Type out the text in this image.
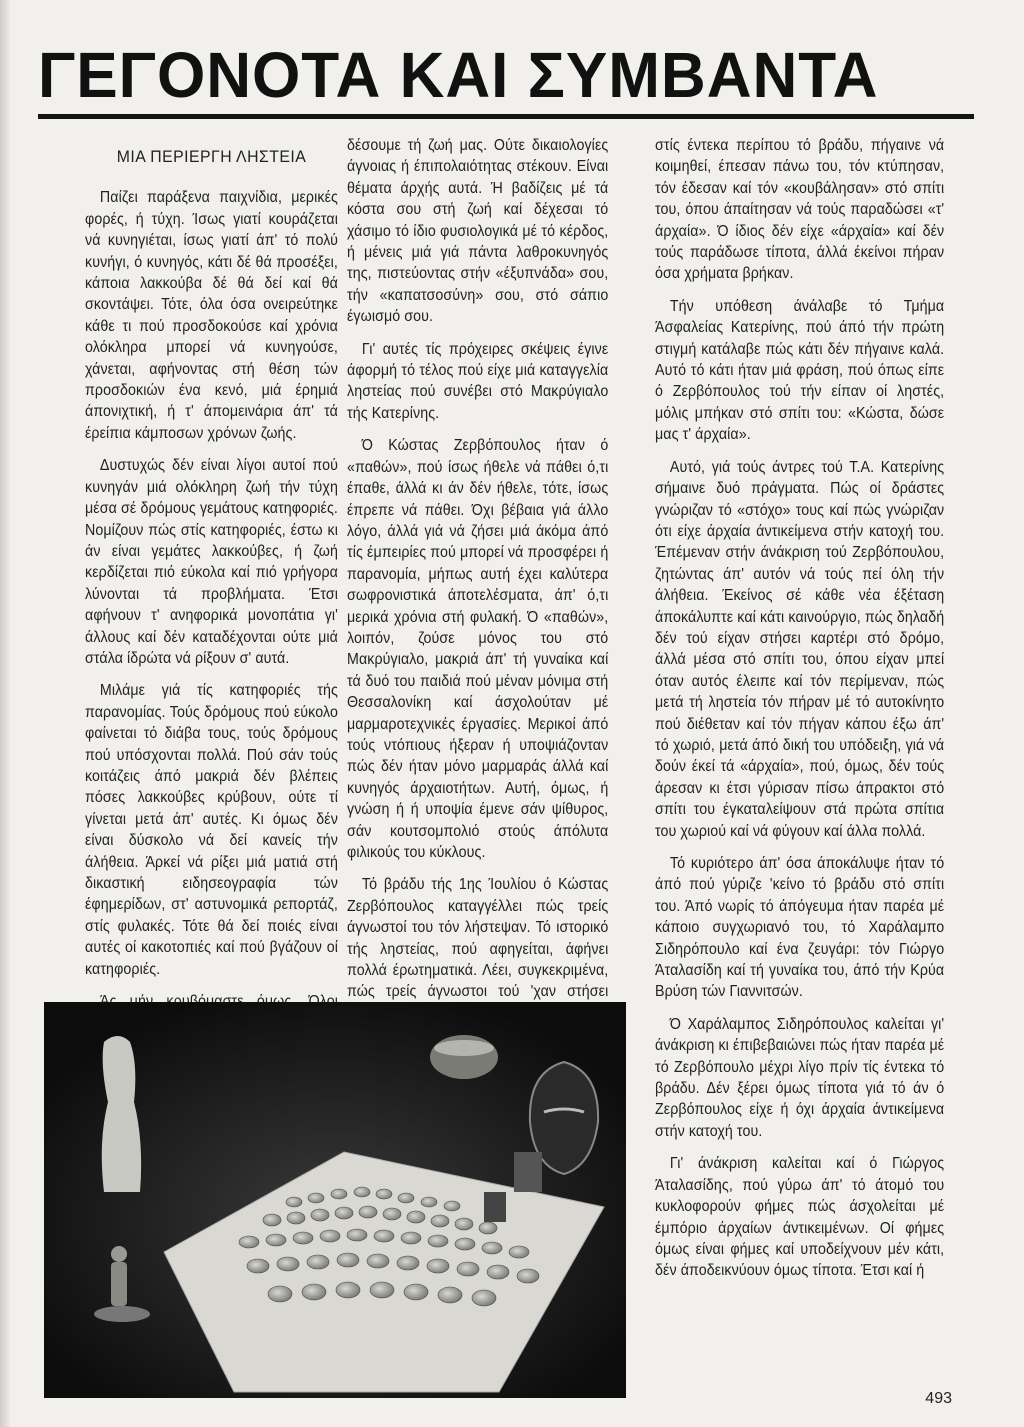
ΓΕΓΟΝΟΤΑ ΚΑΙ ΣΥΜΒΑΝΤΑ
ΜΙΑ ΠΕΡΙΕΡΓΗ ΛΗΣΤΕΙΑ

Παίζει παράξενα παιχνίδια, μερικές φορές, ή τύχη. Ίσως γιατί κουράζεται νά κυνηγιέται, ίσως γιατί άπ' τό πολύ κυνήγι, ό κυνηγός, κάτι δέ θά προσέξει, κάποια λακκούβα δέ θά δεί καί θά σκοντάψει. Τότε, όλα όσα ονειρεύτηκε κάθε τι πού προσδοκούσε καί χρόνια ολόκληρα μπορεί νά κυνηγούσε, χάνεται, αφήνοντας στή θέση τών προσδοκιών ένα κενό, μιά έρημιά άπονιχτική, ή τ' άπομεινάρια άπ' τά έρείπια κάμποσων χρόνων ζωής.

Δυστυχώς δέν είναι λίγοι αυτοί πού κυνηγάν μιά ολόκληρη ζωή τήν τύχη μέσα σέ δρόμους γεμάτους κατηφοριές. Νομίζουν πώς στίς κατηφοριές, έστω κι άν είναι γεμάτες λακκούβες, ή ζωή κερδίζεται πιό εύκολα καί πιό γρήγορα λύνονται τά προβλήματα. Έτσι αφήνουν τ' ανηφορικά μονοπάτια γι' άλλους καί δέν καταδέχονται ούτε μιά στάλα ίδρώτα νά ρίξουν σ' αυτά.

Μιλάμε γιά τίς κατηφοριές τής παρανομίας. Τούς δρόμους πού εύκολο φαίνεται τό διάβα τους, τούς δρόμους πού υπόσχονται πολλά. Πού σάν τούς κοιτάζεις άπό μακριά δέν βλέπεις πόσες λακκούβες κρύβουν, ούτε τί γίνεται μετά άπ' αυτές. Κι όμως δέν είναι δύσκολο νά δεί κανείς τήν άλήθεια. Άρκεί νά ρίξει μιά ματιά στή δικαστική ειδησεογραφία τών έφημερίδων, στ' αστυνομικά ρεπορτάζ, στίς φυλακές. Τότε θά δεί ποιές είναι αυτές οί κακοτοπιές καί πού βγάζουν οί κατηφοριές.

δέσουμε τή ζωή μας. Ούτε δικαιολογίες άγνοιας ή έπιπολαιότητας στέκουν. Είναι θέματα άρχής αυτά. Ή βαδίζεις μέ τά κόστα σου στή ζωή καί δέχεσαι τό χάσιμο τό ίδιο φυσιολογικά μέ τό κέρδος, ή μένεις μιά γιά πάντα λαθροκυνηγός της, πιστεύοντας στήν «έξυπνάδα» σου, τήν «καπατσοσύνη» σου, στό σάπιο έγωισμό σου.

Γι' αυτές τίς πρόχειρες σκέψεις έγινε άφορμή τό τέλος πού είχε μιά καταγγελία ληστείας πού συνέβει στό Μακρύγιαλο τής Κατερίνης.

Ό Κώστας Ζερβόπουλος ήταν ό «παθών», πού ίσως ήθελε νά πάθει ό,τι έπαθε, άλλά κι άν δέν ήθελε, τότε, ίσως έπρεπε νά πάθει. Όχι βέβαια γιά άλλο λόγο, άλλά γιά νά ζήσει μιά άκόμα άπό τίς έμπειρίες πού μπορεί νά προσφέρει ή παρανομία, μήπως αυτή έχει καλύτερα σωφρονιστικά άποτελέσματα, άπ' ό,τι μερικά χρόνια στή φυλακή. Ό «παθών», λοιπόν, ζούσε μόνος του στό Μακρύγιαλο, μακριά άπ' τή γυναίκα καί τά δυό του παιδιά πού μέναν μόνιμα στή Θεσσαλονίκη καί άσχολούταν μέ μαρμαροτεχνικές έργασίες. Μερικοί άπό τούς ντόπιους ήξεραν ή υποψιάζονταν πώς δέν ήταν μόνο μαρμαράς άλλά καί κυνηγός άρχαιοτήτων. Αυτή, όμως, ή γνώση ή ή υποψία έμενε σάν ψίθυρος, σάν κουτσομπολιό στούς άπόλυτα φιλικούς του κύκλους.

Τό βράδυ τής 1ης Ίουλίου ό Κώστας Ζερβόπουλος καταγγέλλει πώς τρείς άγνωστοί του τόν λήστεψαν. Τό ιστορικό τής ληστείας, πού αφηγείται, άφήνει πολλά έρωτηματικά. Λέει, συγκεκριμένα, πώς τρείς άγνωστοι τού 'χαν στήσει

στίς έντεκα περίπου τό βράδυ, πήγαινε νά κοιμηθεί, έπεσαν πάνω του, τόν κτύπησαν, τόν έδεσαν καί τόν «κουβάλησαν» στό σπίτι του, όπου άπαίτησαν νά τούς παραδώσει «τ' άρχαία». Ό ίδιος δέν είχε «άρχαία» καί δέν τούς παράδωσε τίποτα, άλλά έκείνοι πήραν όσα χρήματα βρήκαν.

Τήν υπόθεση άνάλαβε τό Τμήμα Άσφαλείας Κατερίνης, πού άπό τήν πρώτη στιγμή κατάλαβε πώς κάτι δέν πήγαινε καλά. Αυτό τό κάτι ήταν μιά φράση, πού όπως είπε ό Ζερβόπουλος τού τήν είπαν οί ληστές, μόλις μπήκαν στό σπίτι του: «Κώστα, δώσε μας τ' άρχαία».

Αυτό, γιά τούς άντρες τού Τ.Α. Κατερίνης σήμαινε δυό πράγματα. Πώς οί δράστες γνώριζαν τό «στόχο» τους καί πώς γνώριζαν ότι είχε άρχαία άντικείμενα στήν κατοχή του. Έπέμεναν στήν άνάκριση τού Ζερβόπουλου, ζητώντας άπ' αυτόν νά τούς πεί όλη τήν άλήθεια. Έκείνος σέ κάθε νέα έξέταση άποκάλυπτε καί κάτι καινούργιο, πώς δηλαδή δέν τού είχαν στήσει καρτέρι στό δρόμο, άλλά μέσα στό σπίτι του, όπου είχαν μπεί όταν αυτός έλειπε καί τόν περίμεναν, πώς μετά τή ληστεία τόν πήραν μέ τό αυτοκίνητο πού διέθεταν καί τόν πήγαν κάπου έξω άπ' τό χωριό, μετά άπό δική του υπόδειξη, γιά νά δούν έκεί τά «άρχαία», πού, όμως, δέν τούς άρεσαν κι έτσι γύρισαν πίσω άπρακτοι στό σπίτι του έγκαταλείψουν στά πρώτα σπίτια του χωριού καί νά φύγουν καί άλλα πολλά.

Τό κυριότερο άπ' όσα άποκάλυψε ήταν τό άπό πού γύριζε 'κείνο τό βράδυ στό σπίτι του. Άπό νωρίς τό άπόγευμα ήταν παρέα μέ κάποιο συγχωριανό του, τό Χαράλαμπο Σιδηρόπουλο καί ένα ζευγάρι: τόν Γιώργο Άταλασίδη καί τή γυναίκα του, άπό τήν Κρύα Βρύση τών Γιαννιτσών.

Ό Χαράλαμπος Σιδηρόπουλος καλείται γι' άνάκριση κι έπιβεβαιώνει πώς ήταν παρέα μέ τό Ζερβόπουλο μέχρι λίγο πρίν τίς έντεκα τό βράδυ. Δέν ξέρει όμως τίποτα γιά τό άν ό Ζερβόπουλος είχε ή όχι άρχαία άντικείμενα στήν κατοχή του.

Γι' άνάκριση καλείται καί ό Γιώργος Άταλασίδης, πού γύρω άπ' τό άτομό του κυκλοφορούν φήμες πώς άσχολείται μέ έμπόριο άρχαίων άντικειμένων. Οί φήμες όμως είναι φήμες καί υποδείχνουν μέν κάτι, δέν άποδεικνύουν όμως τίποτα. Έτσι καί ή

493
